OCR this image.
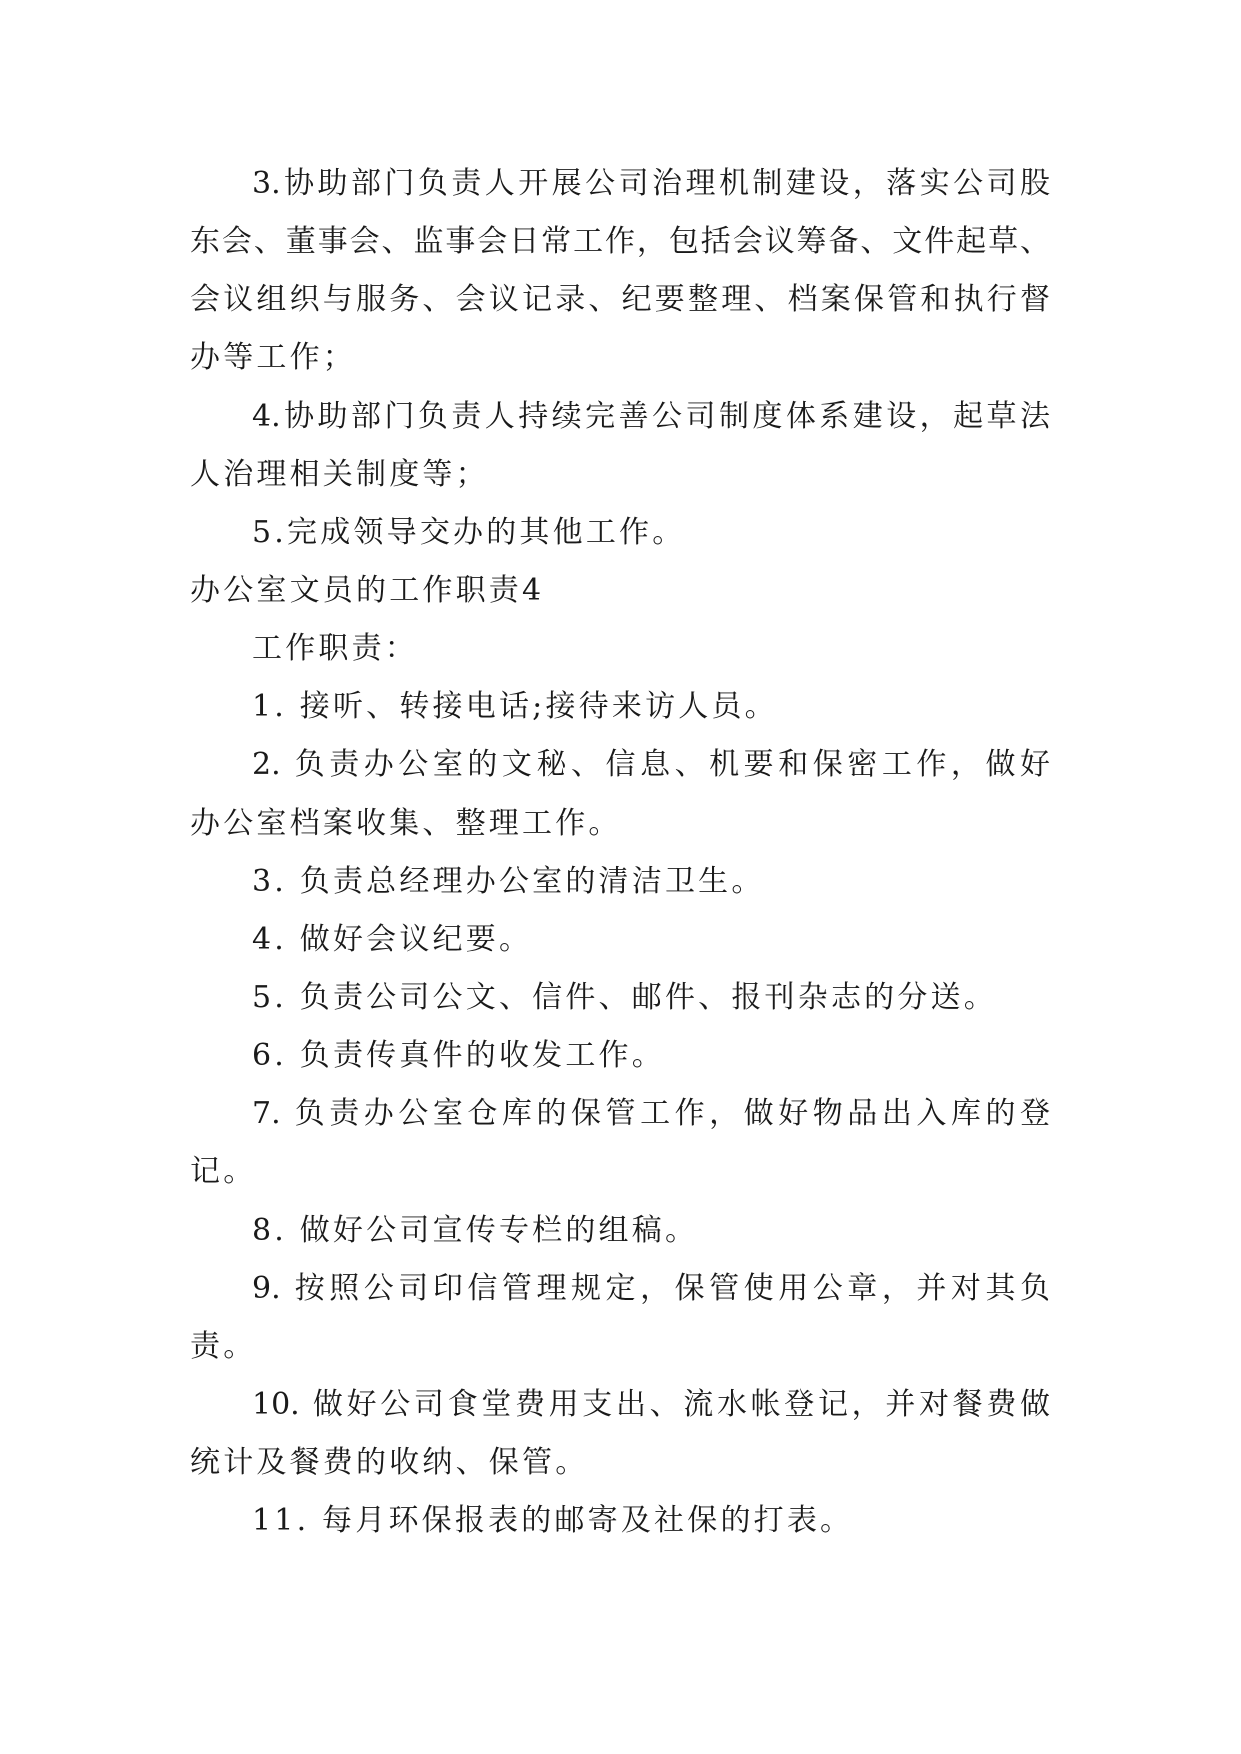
3.协助部门负责人开展公司治理机制建设，落实公司股
东会、董事会、监事会日常工作，包括会议筹备、文件起草、
会议组织与服务、会议记录、纪要整理、档案保管和执行督
办等工作；
4.协助部门负责人持续完善公司制度体系建设，起草法
人治理相关制度等；
5.完成领导交办的其他工作。
办公室文员的工作职责4
工作职责：
1. 接听、转接电话;接待来访人员。
2. 负责办公室的文秘、信息、机要和保密工作，做好
办公室档案收集、整理工作。
3. 负责总经理办公室的清洁卫生。
4. 做好会议纪要。
5. 负责公司公文、信件、邮件、报刊杂志的分送。
6. 负责传真件的收发工作。
7. 负责办公室仓库的保管工作，做好物品出入库的登
记。
8. 做好公司宣传专栏的组稿。
9. 按照公司印信管理规定，保管使用公章，并对其负
责。
10. 做好公司食堂费用支出、流水帐登记，并对餐费做
统计及餐费的收纳、保管。
11. 每月环保报表的邮寄及社保的打表。
